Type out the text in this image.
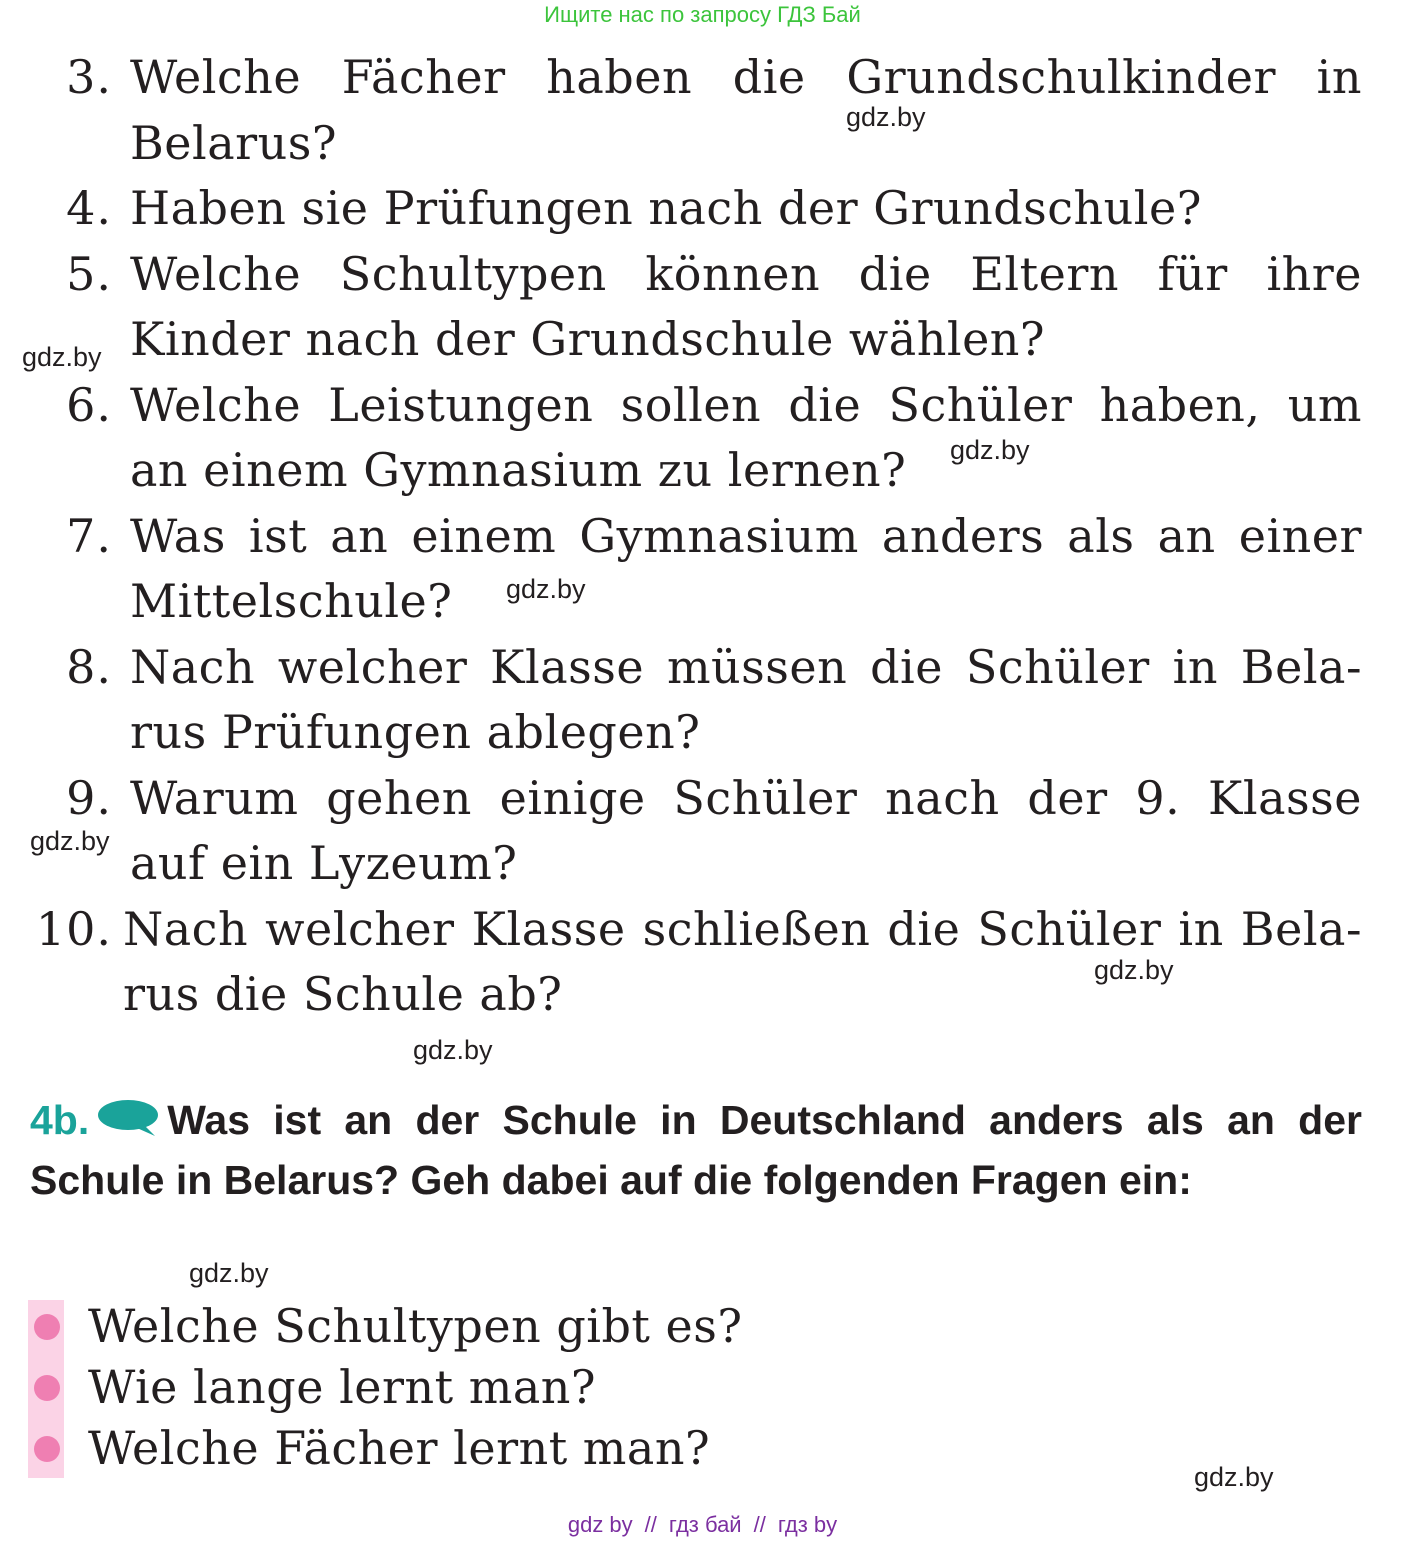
Ищите нас по запросу ГДЗ Бай
3. Welche Fächer haben die Grundschulkinder in Belarus?
4. Haben sie Prüfungen nach der Grundschule?
5. Welche Schultypen können die Eltern für ihre Kinder nach der Grundschule wählen?
6. Welche Leistungen sollen die Schüler haben, um an einem Gymnasium zu lernen?
7. Was ist an einem Gymnasium anders als an einer Mittelschule?
8. Nach welcher Klasse müssen die Schüler in Bela-rus Prüfungen ablegen?
9. Warum gehen einige Schüler nach der 9. Klasse auf ein Lyzeum?
10. Nach welcher Klasse schließen die Schüler in Bela-rus die Schule ab?
gdz.by
gdz.by
gdz.by
gdz.by
gdz.by
gdz.by
gdz.by
gdz.by
gdz.by
4b. Was ist an der Schule in Deutschland anders als an der Schule in Belarus? Geh dabei auf die folgenden Fragen ein:
Welche Schultypen gibt es?
Wie lange lernt man?
Welche Fächer lernt man?
gdz by // гдз бай // гдз by
